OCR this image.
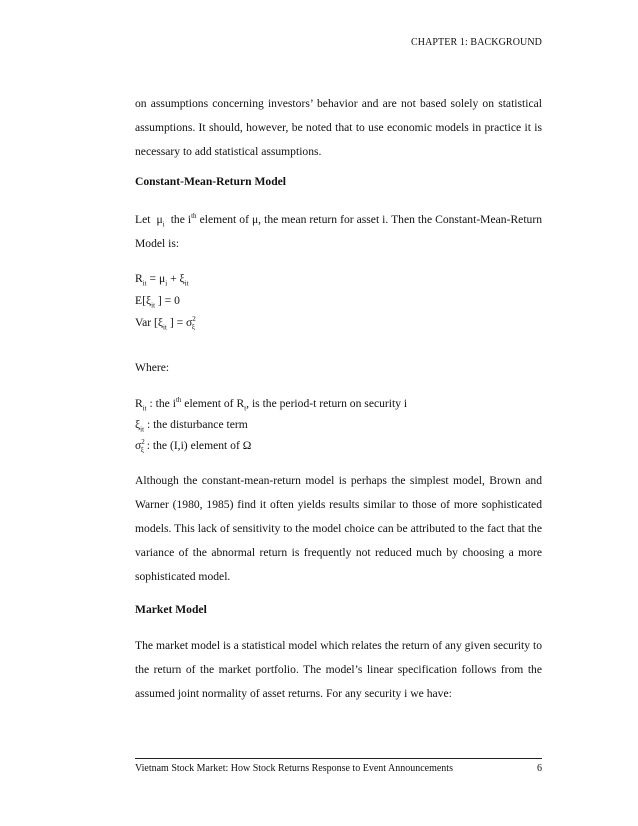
CHAPTER 1: BACKGROUND

on assumptions concerning investors’ behavior and are not based solely on statistical assumptions. It should, however, be noted that to use economic models in practice it is necessary to add statistical assumptions.

Constant-Mean-Return Model
Let $\mu_i$ the $i^{th}$ element of μ, the mean return for asset i. Then the Constant-Mean-Return Model is:
$R_{it} = \mu_i + \xi_{it}$
$E[\xi_{it}$ ] = 0
Var [$\xi_{it}$ ] = $\sigma^2_\xi$
Where:
$R_{it}$ : the $i^{th}$ element of $R_t$, is the period-t return on security i
$\xi_{it}$ : the disturbance term
$\sigma^2_\xi$ : the (I,i) element of Ω

Although the constant-mean-return model is perhaps the simplest model, Brown and Warner (1980, 1985) find it often yields results similar to those of more sophisticated models. This lack of sensitivity to the model choice can be attributed to the fact that the variance of the abnormal return is frequently not reduced much by choosing a more sophisticated model.

Market Model

The market model is a statistical model which relates the return of any given security to the return of the market portfolio. The model’s linear specification follows from the assumed joint normality of asset returns. For any security i we have:

Vietnam Stock Market: How Stock Returns Response to Event Announcements	6
